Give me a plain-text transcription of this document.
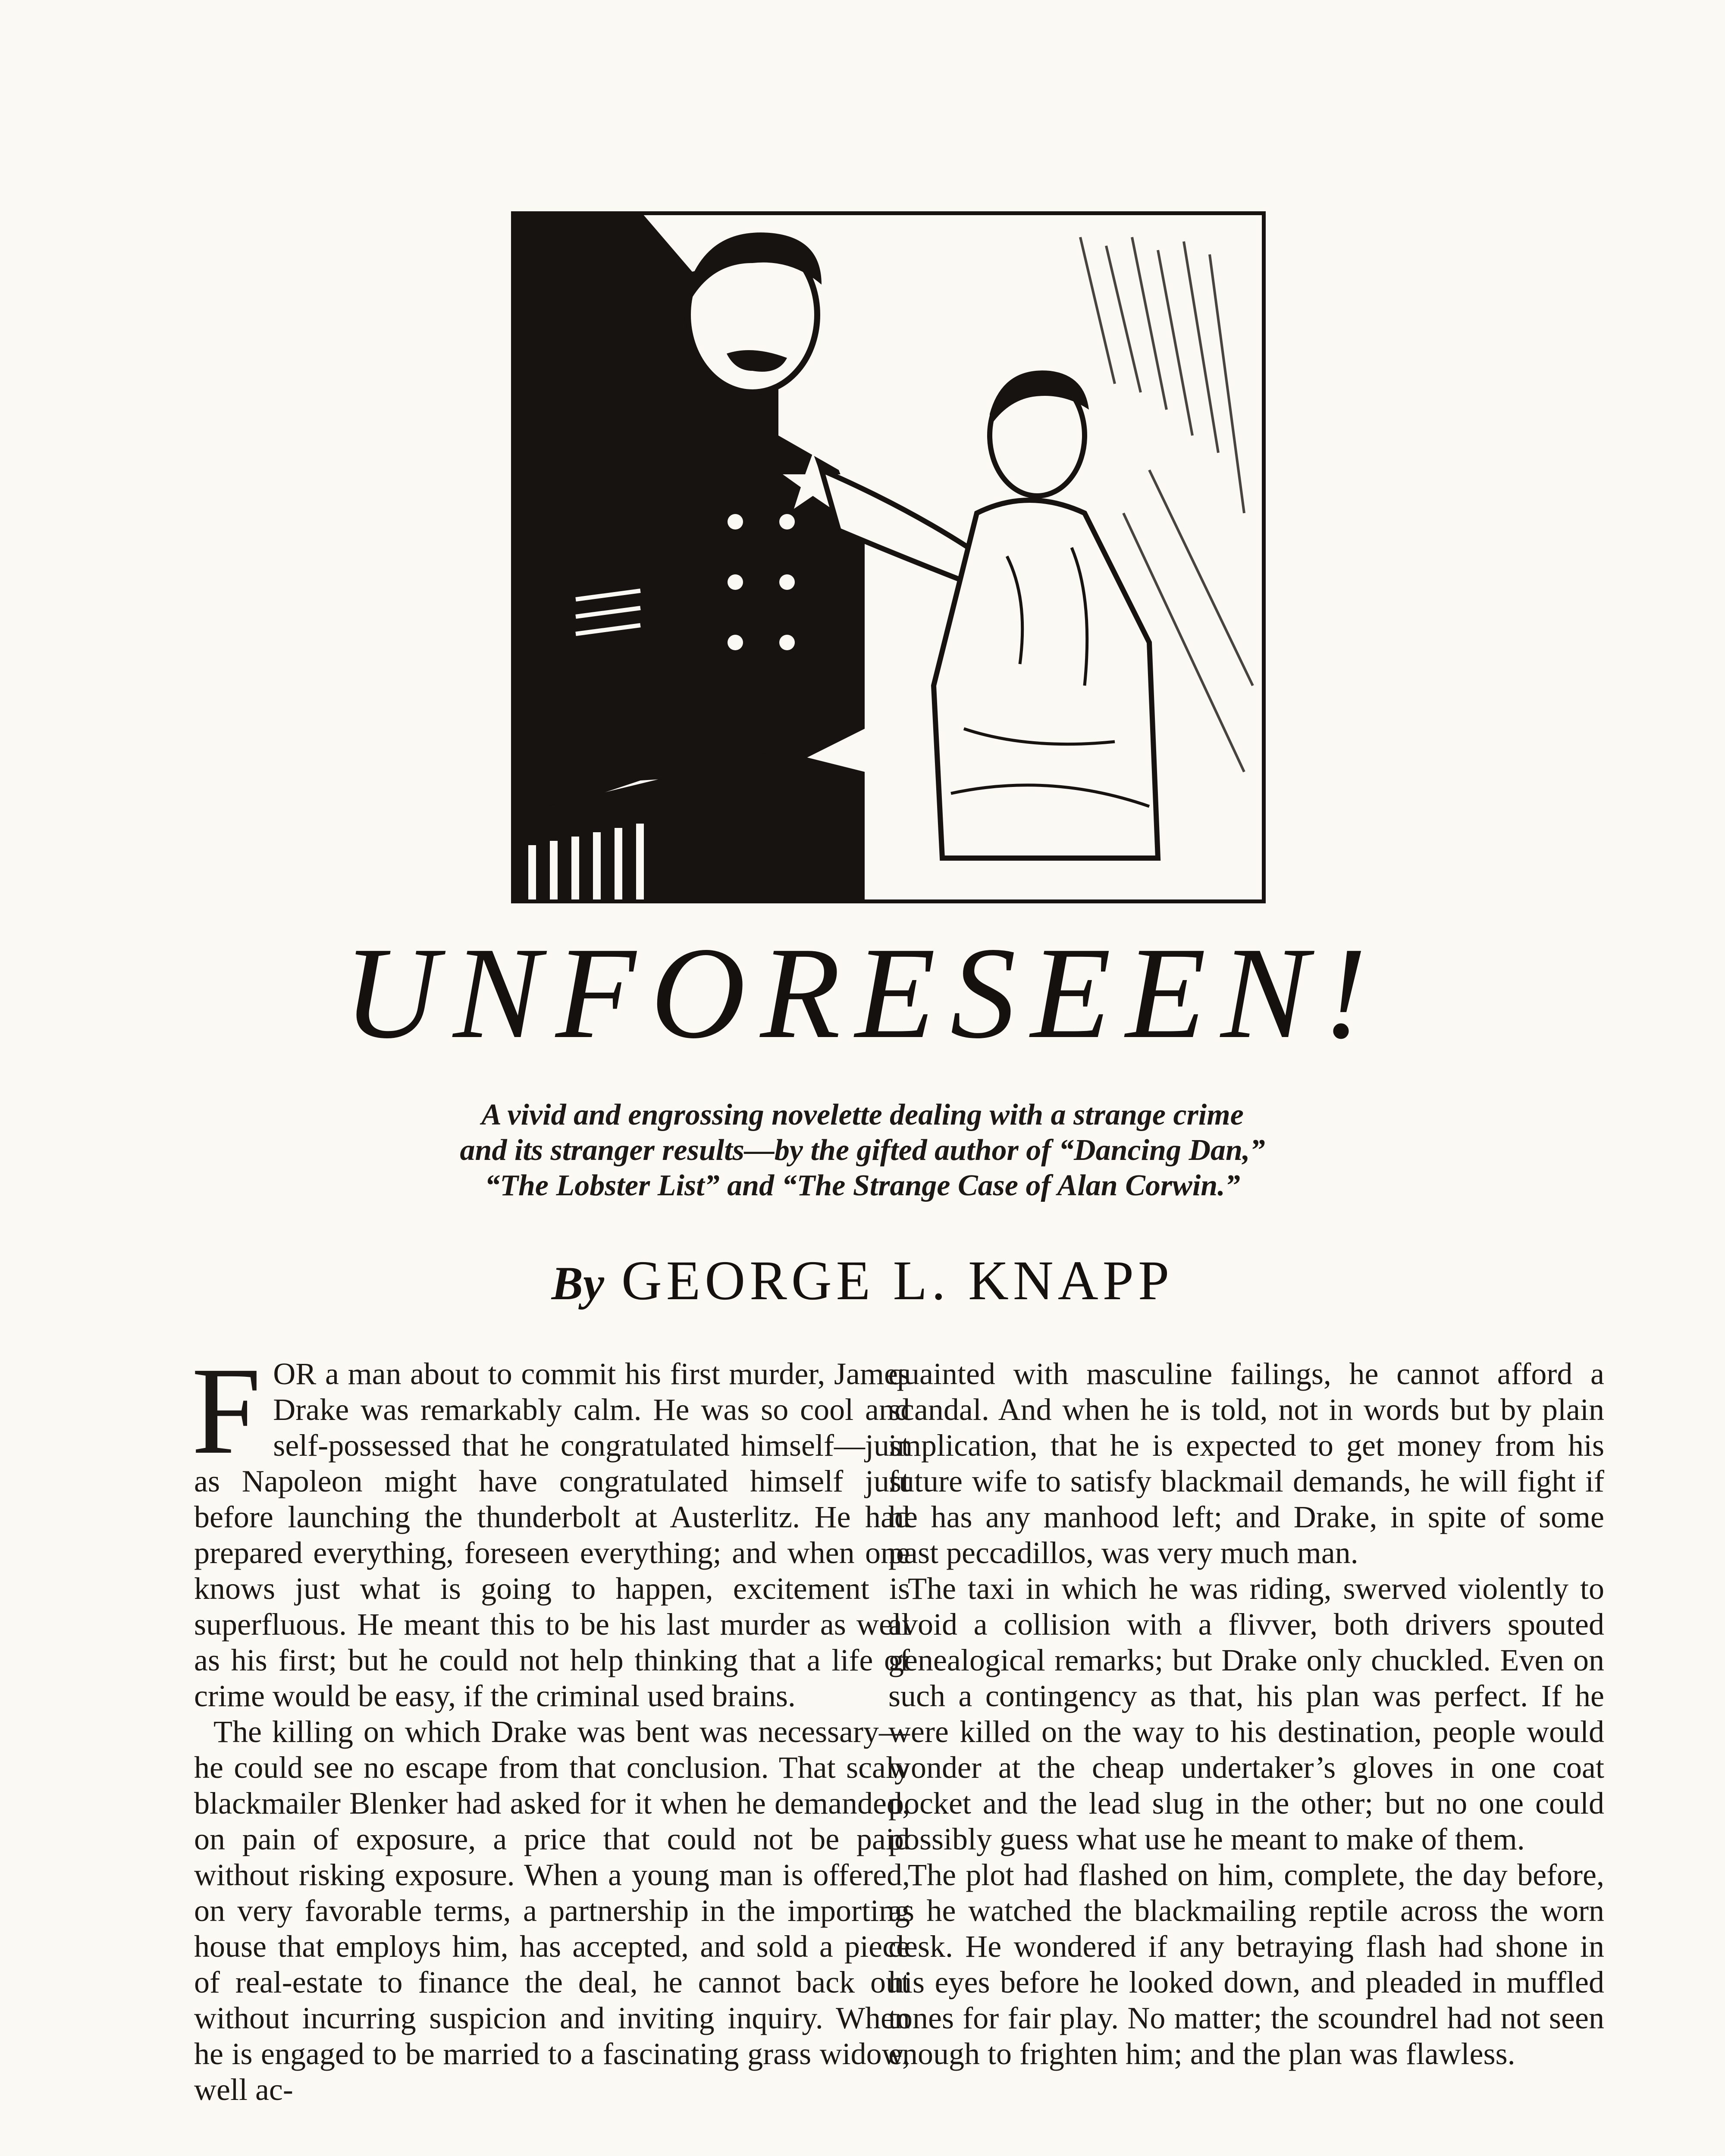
UNFORESEEN!

A vivid and engrossing novelette dealing with a strange crime

and its stranger results—by the gifted author of “Dancing Dan,”

“The Lobster List” and “The Strange Case of Alan Corwin.”

By GEORGE L. KNAPP

FOR a man about to commit his first murder, James Drake was remarkably calm. He was so cool and self-possessed that he congratulated himself—just as Napoleon might have congratulated himself just before launching the thunderbolt at Austerlitz. He had prepared everything, foreseen everything; and when one knows just what is going to happen, excitement is superfluous. He meant this to be his last murder as well as his first; but he could not help thinking that a life of crime would be easy, if the criminal used brains.

The killing on which Drake was bent was necessary—he could see no escape from that conclusion. That scaly blackmailer Blenker had asked for it when he demanded, on pain of exposure, a price that could not be paid without risking exposure. When a young man is offered, on very favorable terms, a partnership in the importing house that employs him, has accepted, and sold a piece of real-estate to finance the deal, he cannot back out without incurring suspicion and inviting inquiry. When he is engaged to be married to a fascinating grass widow, well ac-

quainted with masculine failings, he cannot afford a scandal. And when he is told, not in words but by plain implication, that he is expected to get money from his future wife to satisfy blackmail demands, he will fight if he has any manhood left; and Drake, in spite of some past peccadillos, was very much man.

The taxi in which he was riding, swerved violently to avoid a collision with a flivver, both drivers spouted genealogical remarks; but Drake only chuckled. Even on such a contingency as that, his plan was perfect. If he were killed on the way to his destination, people would wonder at the cheap undertaker’s gloves in one coat pocket and the lead slug in the other; but no one could possibly guess what use he meant to make of them.

The plot had flashed on him, complete, the day before, as he watched the blackmailing reptile across the worn desk. He wondered if any betraying flash had shone in his eyes before he looked down, and pleaded in muffled tones for fair play. No matter; the scoundrel had not seen enough to frighten him; and the plan was flawless.
